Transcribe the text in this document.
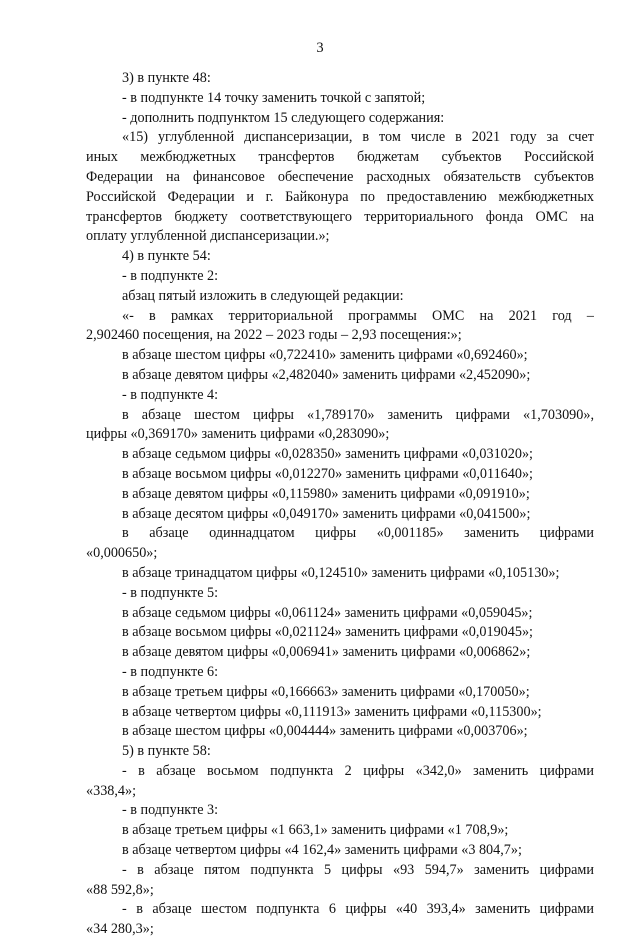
3
3) в пункте 48:
- в подпункте 14 точку заменить точкой с запятой;
- дополнить подпунктом 15 следующего содержания:
«15) углубленной диспансеризации, в том числе в 2021 году за счет
иных межбюджетных трансфертов бюджетам субъектов Российской
Федерации на финансовое обеспечение расходных обязательств субъектов
Российской Федерации и г. Байконура по предоставлению межбюджетных
трансфертов бюджету соответствующего территориального фонда ОМС на
оплату углубленной диспансеризации.»;
4) в пункте 54:
- в подпункте 2:
абзац пятый изложить в следующей редакции:
«- в рамках территориальной программы ОМС на 2021 год –
2,902460 посещения, на 2022 – 2023 годы – 2,93 посещения:»;
в абзаце шестом цифры «0,722410» заменить цифрами «0,692460»;
в абзаце девятом цифры «2,482040» заменить цифрами «2,452090»;
- в подпункте 4:
в абзаце шестом цифры «1,789170» заменить цифрами «1,703090»,
цифры «0,369170» заменить цифрами «0,283090»;
в абзаце седьмом цифры «0,028350» заменить цифрами «0,031020»;
в абзаце восьмом цифры «0,012270» заменить цифрами «0,011640»;
в абзаце девятом цифры «0,115980» заменить цифрами «0,091910»;
в абзаце десятом цифры «0,049170» заменить цифрами «0,041500»;
в абзаце одиннадцатом цифры «0,001185» заменить цифрами
«0,000650»;
в абзаце тринадцатом цифры «0,124510» заменить цифрами «0,105130»;
- в подпункте 5:
в абзаце седьмом цифры «0,061124» заменить цифрами «0,059045»;
в абзаце восьмом цифры «0,021124» заменить цифрами «0,019045»;
в абзаце девятом цифры «0,006941» заменить цифрами «0,006862»;
- в подпункте 6:
в абзаце третьем цифры «0,166663» заменить цифрами «0,170050»;
в абзаце четвертом цифры «0,111913» заменить цифрами «0,115300»;
в абзаце шестом цифры «0,004444» заменить цифрами «0,003706»;
5) в пункте 58:
- в абзаце восьмом подпункта 2 цифры «342,0» заменить цифрами
«338,4»;
- в подпункте 3:
в абзаце третьем цифры «1 663,1» заменить цифрами «1 708,9»;
в абзаце четвертом цифры «4 162,4» заменить цифрами «3 804,7»;
- в абзаце пятом подпункта 5 цифры «93 594,7» заменить цифрами
«88 592,8»;
- в абзаце шестом подпункта 6 цифры «40 393,4» заменить цифрами
«34 280,3»;
